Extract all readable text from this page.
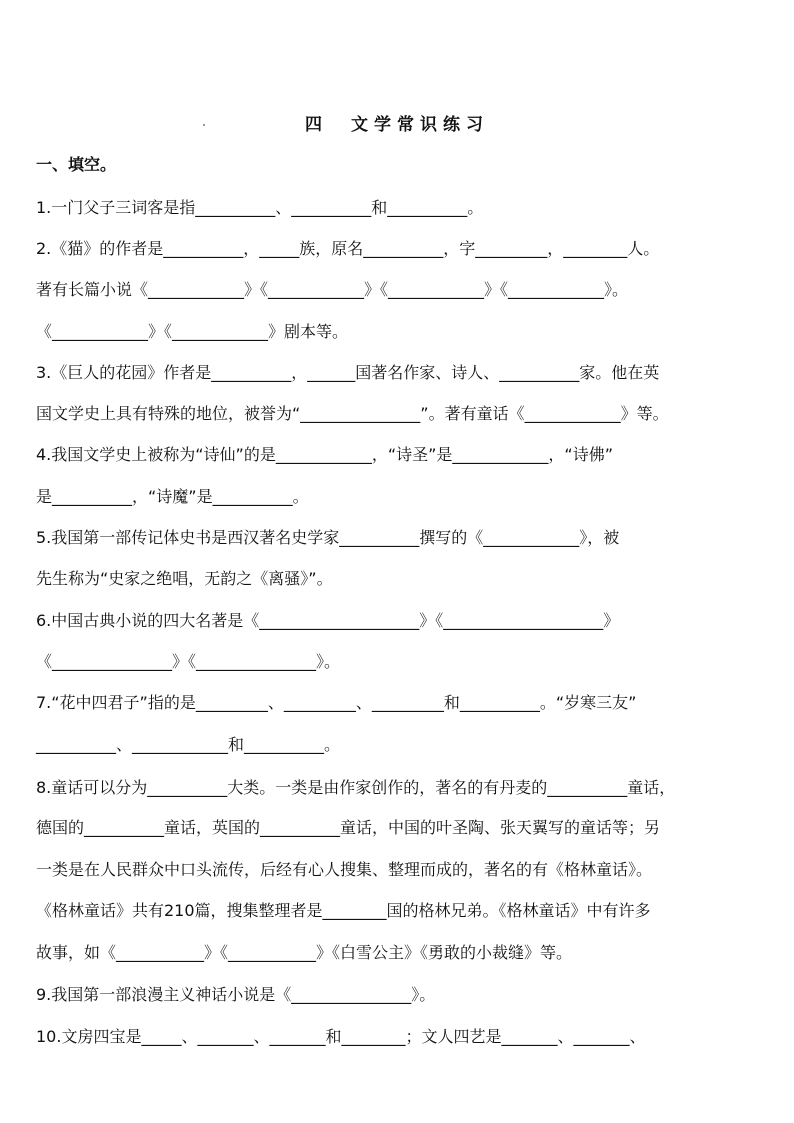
四　文学常识练习
一、填空。
1.一门父子三词客是指__________、__________和__________。
2.《猫》的作者是__________，_____族，原名__________，字_________，________人。
著有长篇小说《____________》《____________》《____________》《____________》。
《____________》《____________》剧本等。
3.《巨人的花园》作者是__________，______国著名作家、诗人、__________家。他在英
国文学史上具有特殊的地位，被誉为“_______________”。著有童话《____________》等。
4.我国文学史上被称为“诗仙”的是____________，“诗圣”是____________，“诗佛”
是__________，“诗魔”是__________。
5.我国第一部传记体史书是西汉著名史学家__________撰写的《____________》，被
先生称为“史家之绝唱，无韵之《离骚》”。
6.中国古典小说的四大名著是《____________________》《____________________》
《_______________》《_______________》。
7.“花中四君子”指的是_________、_________、_________和__________。“岁寒三友”
__________、____________和__________。
8.童话可以分为__________大类。一类是由作家创作的，著名的有丹麦的__________童话，
德国的__________童话，英国的__________童话，中国的叶圣陶、张天翼写的童话等；另
一类是在人民群众中口头流传，后经有心人搜集、整理而成的，著名的有《格林童话》。
《格林童话》共有210篇，搜集整理者是________国的格林兄弟。《格林童话》中有许多
故事，如《___________》《___________》《白雪公主》《勇敢的小裁缝》等。
9.我国第一部浪漫主义神话小说是《_______________》。
10.文房四宝是_____、_______、_______和________；文人四艺是_______、_______、
